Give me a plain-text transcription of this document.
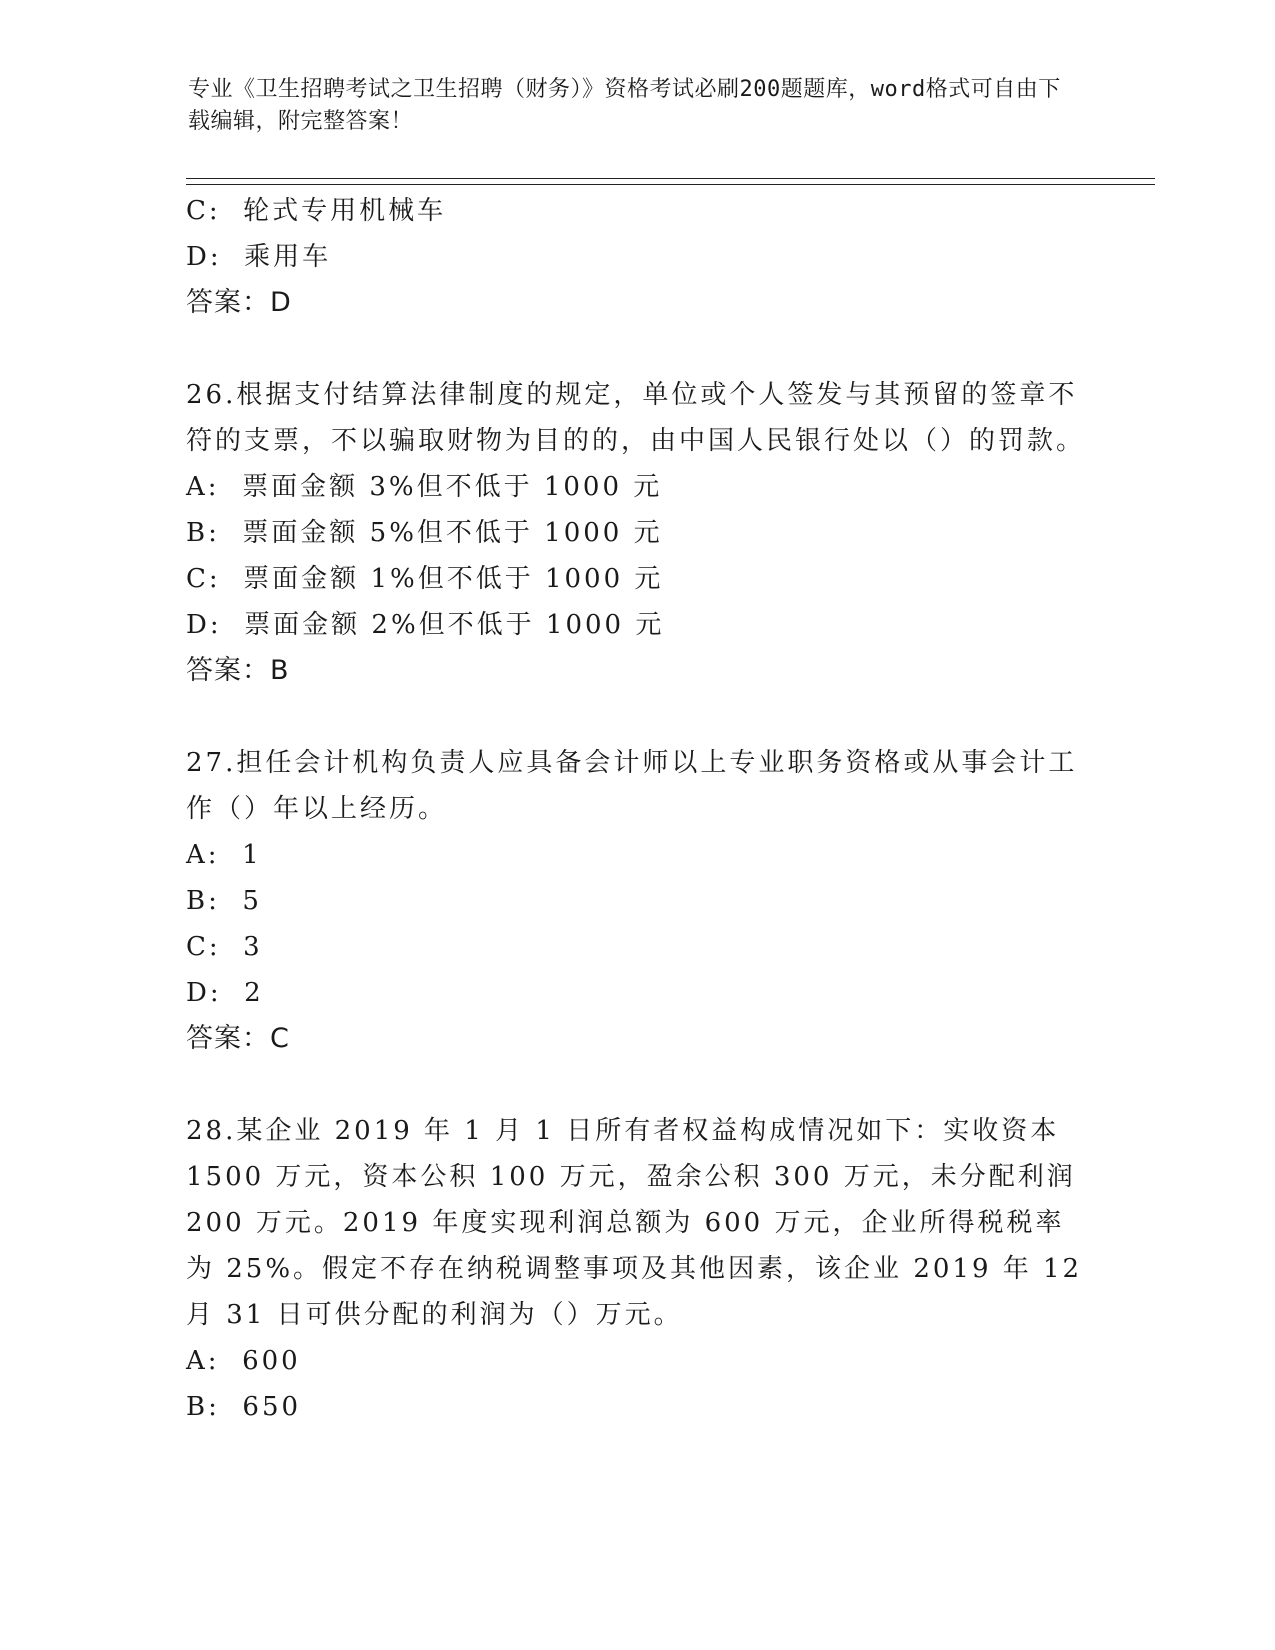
专业《卫生招聘考试之卫生招聘（财务）》资格考试必刷200题题库，word格式可自由下载编辑，附完整答案！

C:  轮式专用机械车

D:  乘用车

答案：D

26.根据支付结算法律制度的规定，单位或个人签发与其预留的签章不符的支票，不以骗取财物为目的的，由中国人民银行处以（）的罚款。

A:  票面金额 3%但不低于 1000 元

B:  票面金额 5%但不低于 1000 元

C:  票面金额 1%但不低于 1000 元

D:  票面金额 2%但不低于 1000 元

答案：B

27.担任会计机构负责人应具备会计师以上专业职务资格或从事会计工作（）年以上经历。

A:  1

B:  5

C:  3

D:  2

答案：C

28.某企业 2019 年 1 月 1 日所有者权益构成情况如下：实收资本 1500 万元，资本公积 100 万元，盈余公积 300 万元，未分配利润 200 万元。2019 年度实现利润总额为 600 万元，企业所得税税率为 25%。假定不存在纳税调整事项及其他因素，该企业 2019 年 12 月 31 日可供分配的利润为（）万元。

A:  600

B:  650
